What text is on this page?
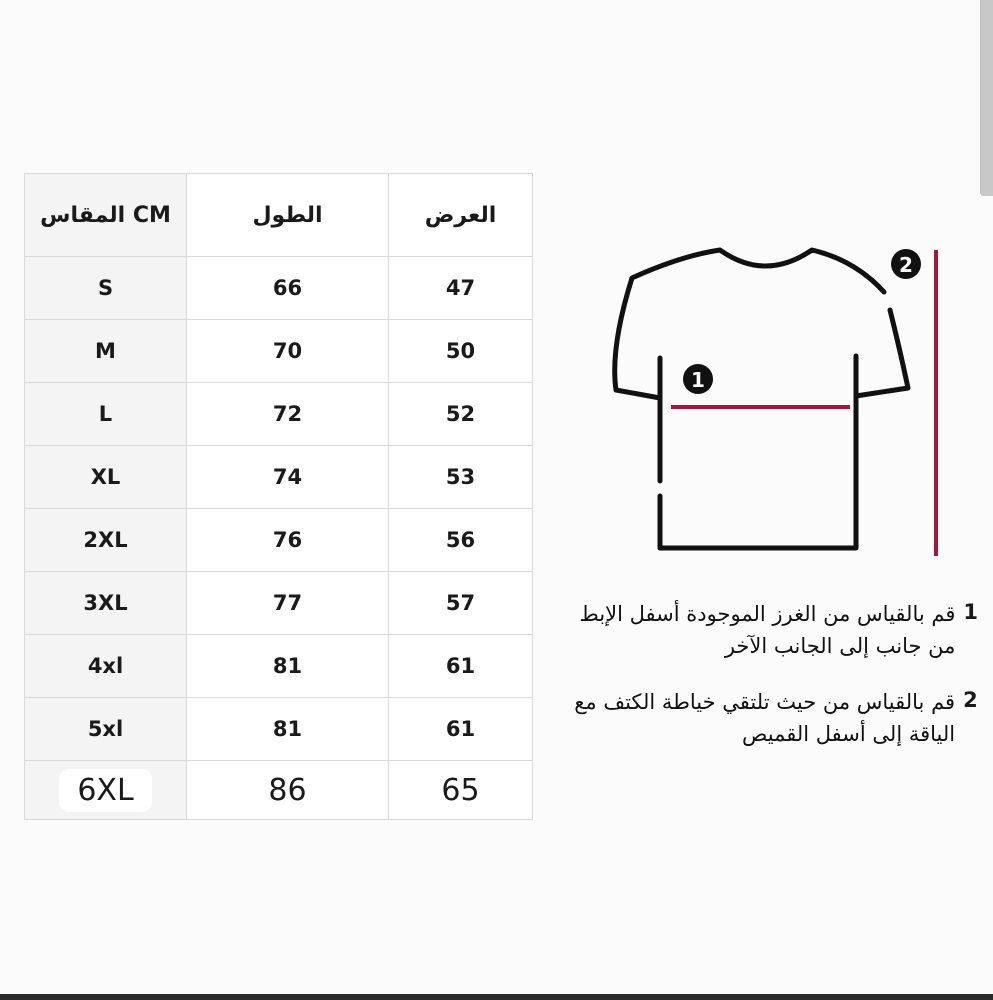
المقاس CM	الطول	العرض
S	66	47
M	70	50
L	72	52
XL	74	53
2XL	76	56
3XL	77	57
4xl	81	61
5xl	81	61
6XL	86	65
1
2
1
قم بالقياس من الغرز الموجودة أسفل الإبط من جانب إلى الجانب الآخر
2
قم بالقياس من حيث تلتقي خياطة الكتف مع الياقة إلى أسفل القميص
